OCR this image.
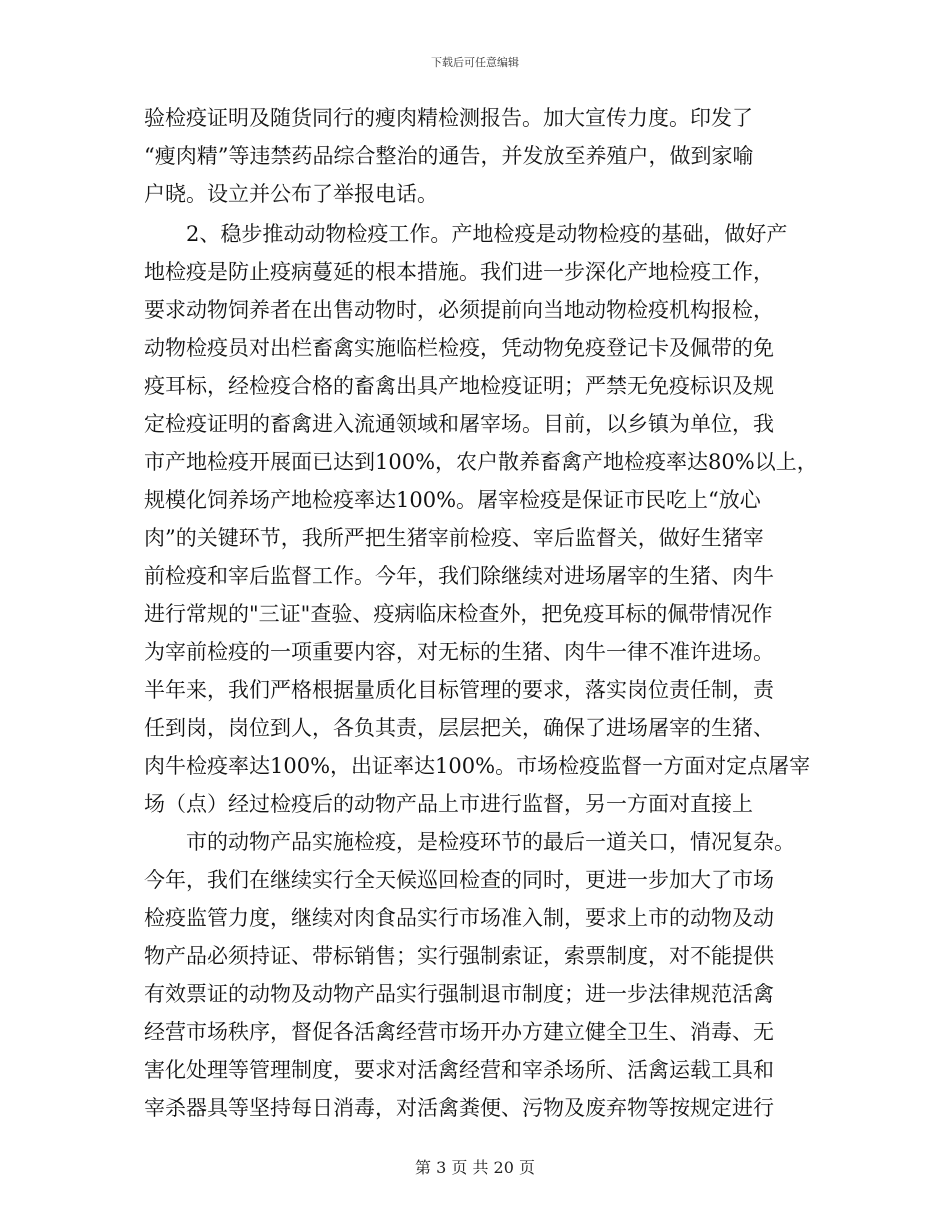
下载后可任意编辑
验检疫证明及随货同行的瘦肉精检测报告。加大宣传力度。印发了
“瘦肉精”等违禁药品综合整治的通告，并发放至养殖户，做到家喻
户晓。设立并公布了举报电话。
2、稳步推动动物检疫工作。产地检疫是动物检疫的基础，做好产
地检疫是防止疫病蔓延的根本措施。我们进一步深化产地检疫工作，
要求动物饲养者在出售动物时，必须提前向当地动物检疫机构报检，
动物检疫员对出栏畜禽实施临栏检疫，凭动物免疫登记卡及佩带的免
疫耳标，经检疫合格的畜禽出具产地检疫证明；严禁无免疫标识及规
定检疫证明的畜禽进入流通领域和屠宰场。目前，以乡镇为单位，我
市产地检疫开展面已达到100%，农户散养畜禽产地检疫率达80%以上，
规模化饲养场产地检疫率达100%。屠宰检疫是保证市民吃上“放心
肉”的关键环节，我所严把生猪宰前检疫、宰后监督关，做好生猪宰
前检疫和宰后监督工作。今年，我们除继续对进场屠宰的生猪、肉牛
进行常规的"三证"查验、疫病临床检查外，把免疫耳标的佩带情况作
为宰前检疫的一项重要内容，对无标的生猪、肉牛一律不准许进场。
半年来，我们严格根据量质化目标管理的要求，落实岗位责任制，责
任到岗，岗位到人，各负其责，层层把关，确保了进场屠宰的生猪、
肉牛检疫率达100%，出证率达100%。市场检疫监督一方面对定点屠宰
场（点）经过检疫后的动物产品上市进行监督，另一方面对直接上
市的动物产品实施检疫，是检疫环节的最后一道关口，情况复杂。
今年，我们在继续实行全天候巡回检查的同时，更进一步加大了市场
检疫监管力度，继续对肉食品实行市场准入制，要求上市的动物及动
物产品必须持证、带标销售；实行强制索证，索票制度，对不能提供
有效票证的动物及动物产品实行强制退市制度；进一步法律规范活禽
经营市场秩序，督促各活禽经营市场开办方建立健全卫生、消毒、无
害化处理等管理制度，要求对活禽经营和宰杀场所、活禽运载工具和
宰杀器具等坚持每日消毒，对活禽粪便、污物及废弃物等按规定进行
第 3 页 共 20 页
